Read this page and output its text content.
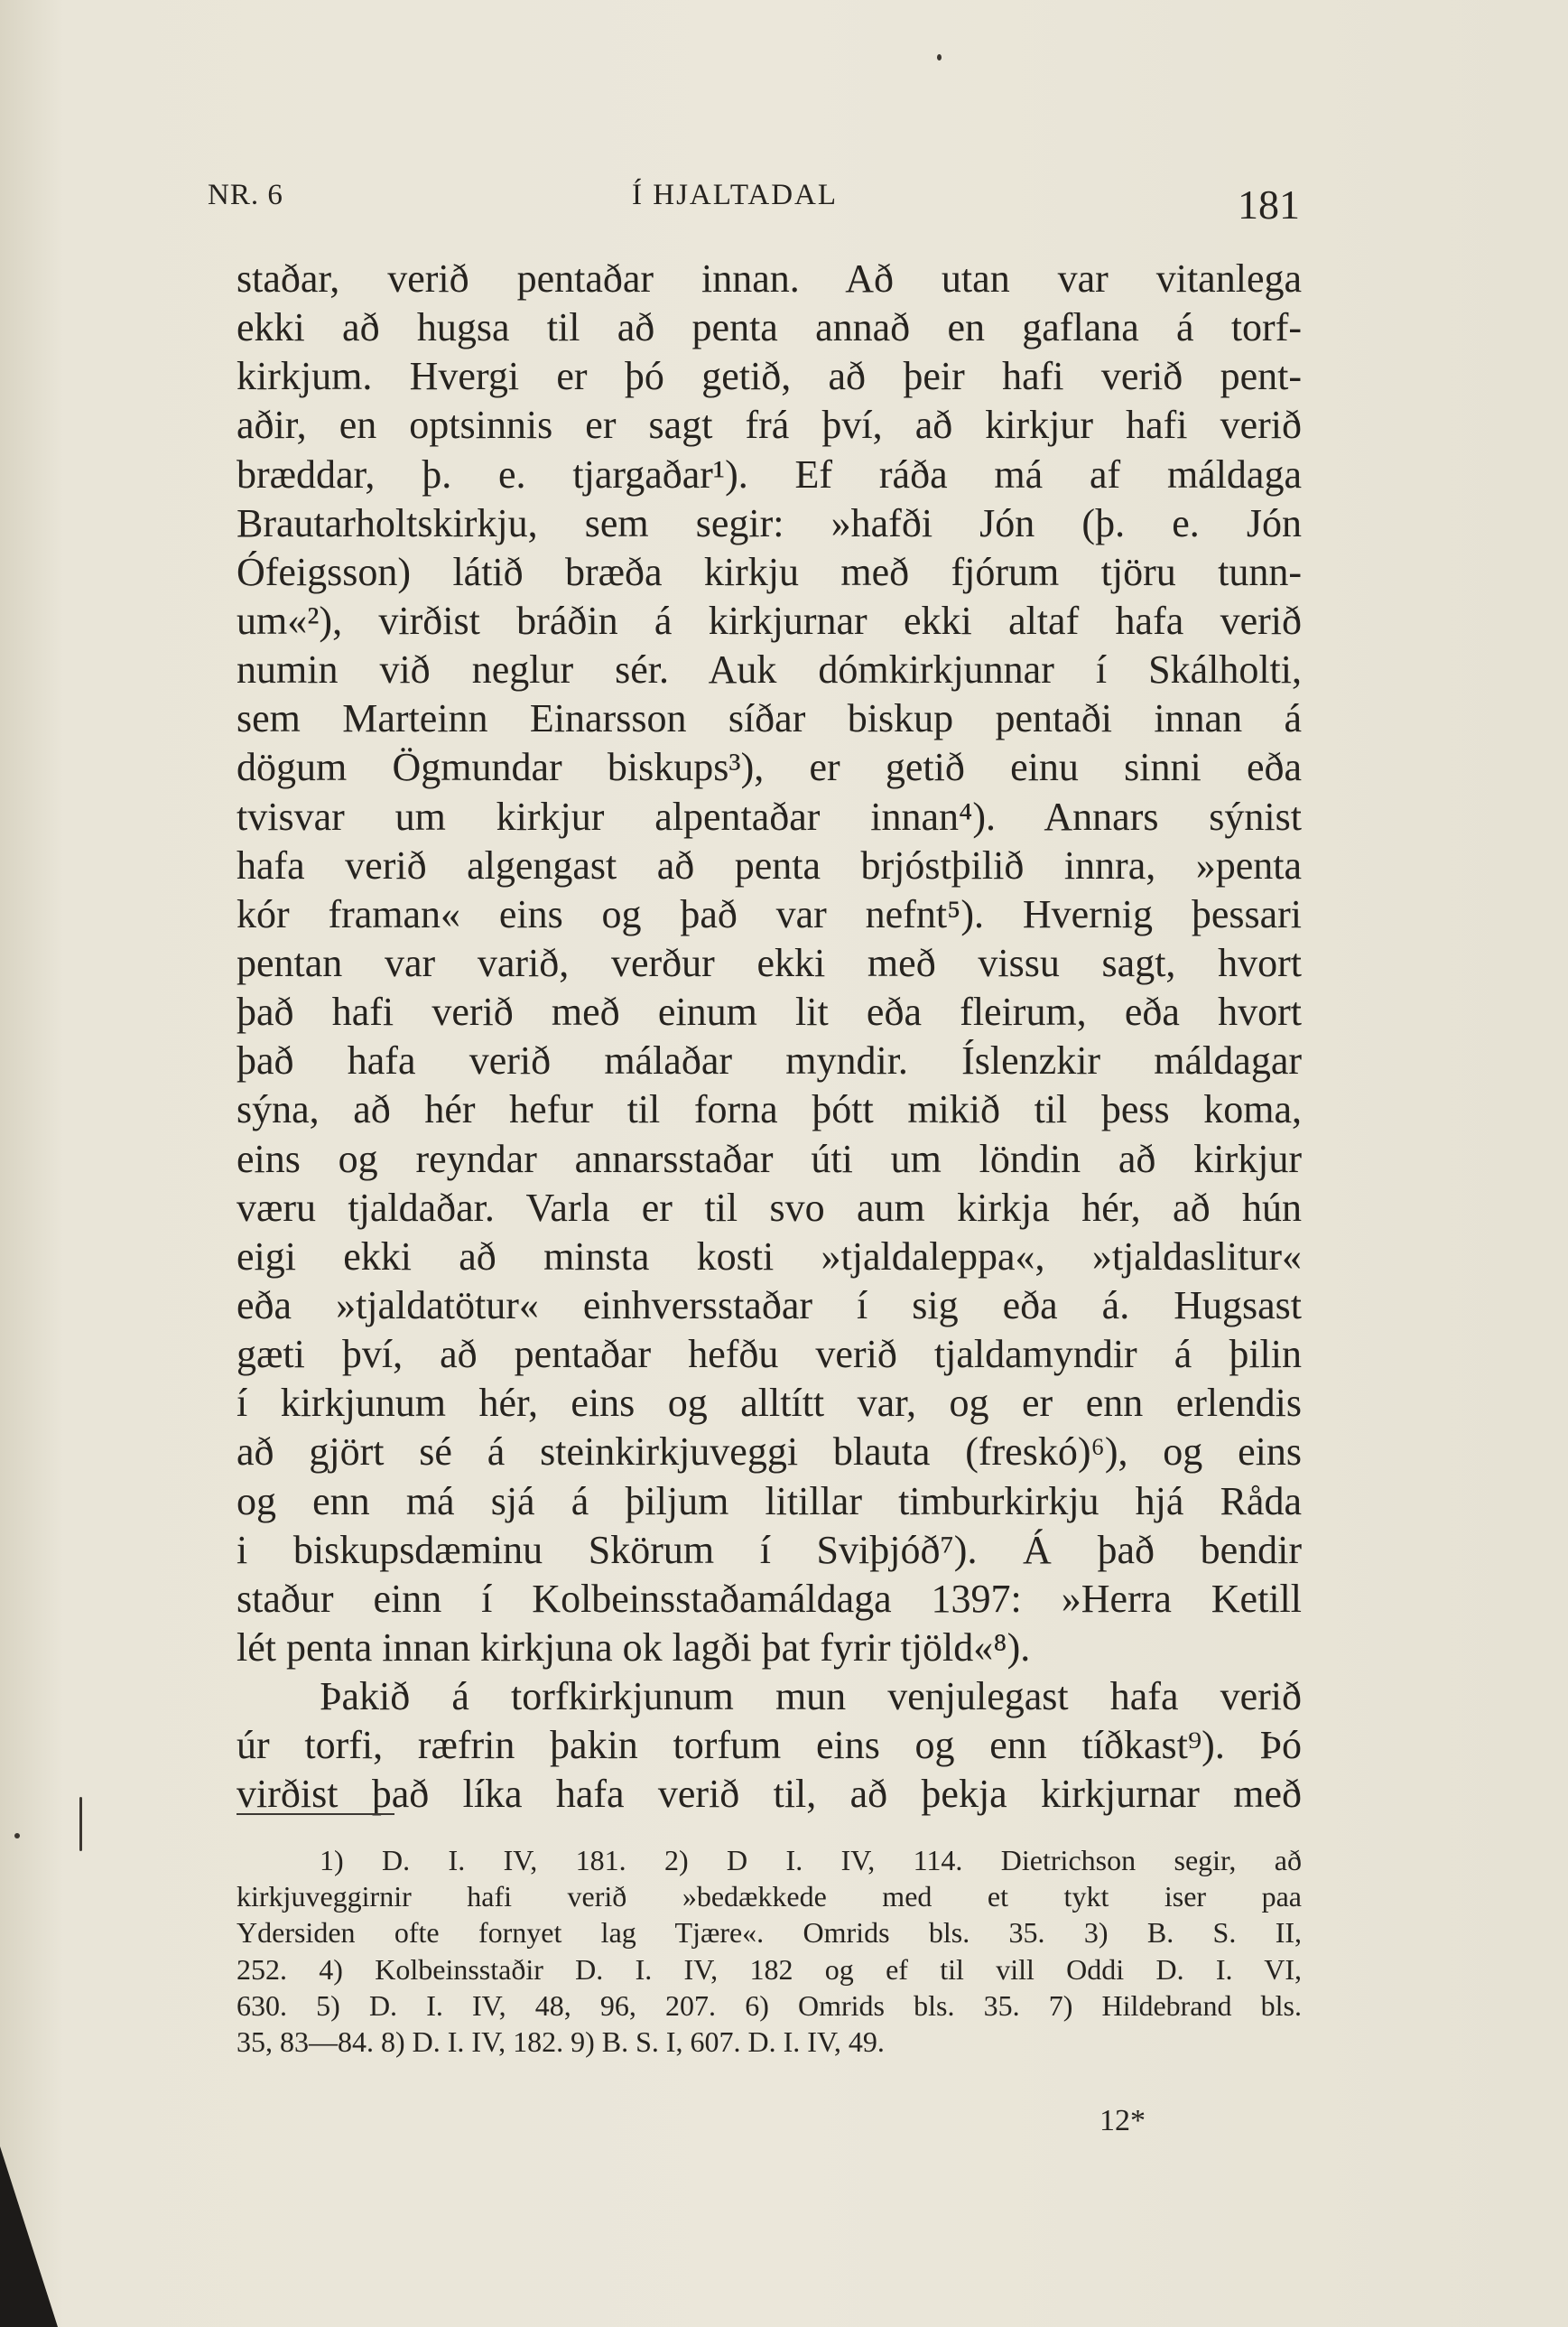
NR. 6	Í HJALTADAL	181
staðar, verið pentaðar innan. Að utan var vitanlega
ekki að hugsa til að penta annað en gaflana á torf-
kirkjum. Hvergi er þó getið, að þeir hafi verið pent-
aðir, en optsinnis er sagt frá því, að kirkjur hafi verið
bræddar, þ. e. tjargaðar¹). Ef ráða má af máldaga
Brautarholtskirkju, sem segir: »hafði Jón (þ. e. Jón
Ófeigsson) látið bræða kirkju með fjórum tjöru tunn-
um«²), virðist bráðin á kirkjurnar ekki altaf hafa verið
numin við neglur sér. Auk dómkirkjunnar í Skálholti,
sem Marteinn Einarsson síðar biskup pentaði innan á
dögum Ögmundar biskups³), er getið einu sinni eða
tvisvar um kirkjur alpentaðar innan⁴). Annars sýnist
hafa verið algengast að penta brjóstþilið innra, »penta
kór framan« eins og það var nefnt⁵). Hvernig þessari
pentan var varið, verður ekki með vissu sagt, hvort
það hafi verið með einum lit eða fleirum, eða hvort
það hafa verið málaðar myndir. Íslenzkir máldagar
sýna, að hér hefur til forna þótt mikið til þess koma,
eins og reyndar annarsstaðar úti um löndin að kirkjur
væru tjaldaðar. Varla er til svo aum kirkja hér, að hún
eigi ekki að minsta kosti »tjaldaleppa«, »tjaldaslitur«
eða »tjaldatötur« einhversstaðar í sig eða á. Hugsast
gæti því, að pentaðar hefðu verið tjaldamyndir á þilin
í kirkjunum hér, eins og alltítt var, og er enn erlendis
að gjört sé á steinkirkjuveggi blauta (freskó)⁶), og eins
og enn má sjá á þiljum litillar timburkirkju hjá Råda
i biskupsdæminu Skörum í Sviþjóð⁷). Á það bendir
staður einn í Kolbeinsstaðamáldaga 1397: »Herra Ketill
lét penta innan kirkjuna ok lagði þat fyrir tjöld«⁸).
Þakið á torfkirkjunum mun venjulegast hafa verið
úr torfi, ræfrin þakin torfum eins og enn tíðkast⁹). Þó
virðist það líka hafa verið til, að þekja kirkjurnar með
1) D. I. IV, 181. 2) D I. IV, 114. Dietrichson segir, að
kirkjuveggirnir hafi verið »bedækkede med et tykt iser paa
Ydersiden ofte fornyet lag Tjære«. Omrids bls. 35. 3) B. S. II,
252. 4) Kolbeinsstaðir D. I. IV, 182 og ef til vill Oddi D. I. VI,
630. 5) D. I. IV, 48, 96, 207. 6) Omrids bls. 35. 7) Hildebrand bls.
35, 83—84. 8) D. I. IV, 182. 9) B. S. I, 607. D. I. IV, 49.
12*
